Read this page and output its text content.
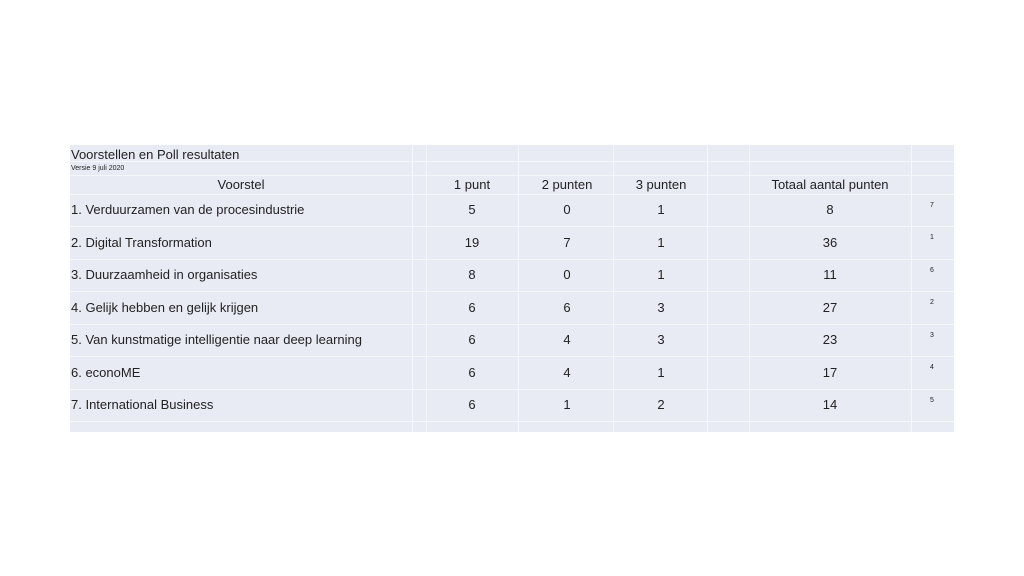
Voorstellen en Poll resultaten
Versie 9 juli 2020
Voorstel	1 punt	2 punten	3 punten	Totaal aantal punten
1. Verduurzamen van de procesindustrie	5	0	1	8	7
2. Digital Transformation	19	7	1	36	1
3. Duurzaamheid in organisaties	8	0	1	11	6
4. Gelijk hebben en gelijk krijgen	6	6	3	27	2
5. Van kunstmatige intelligentie naar deep learning	6	4	3	23	3
6. econoME	6	4	1	17	4
7. International Business	6	1	2	14	5
